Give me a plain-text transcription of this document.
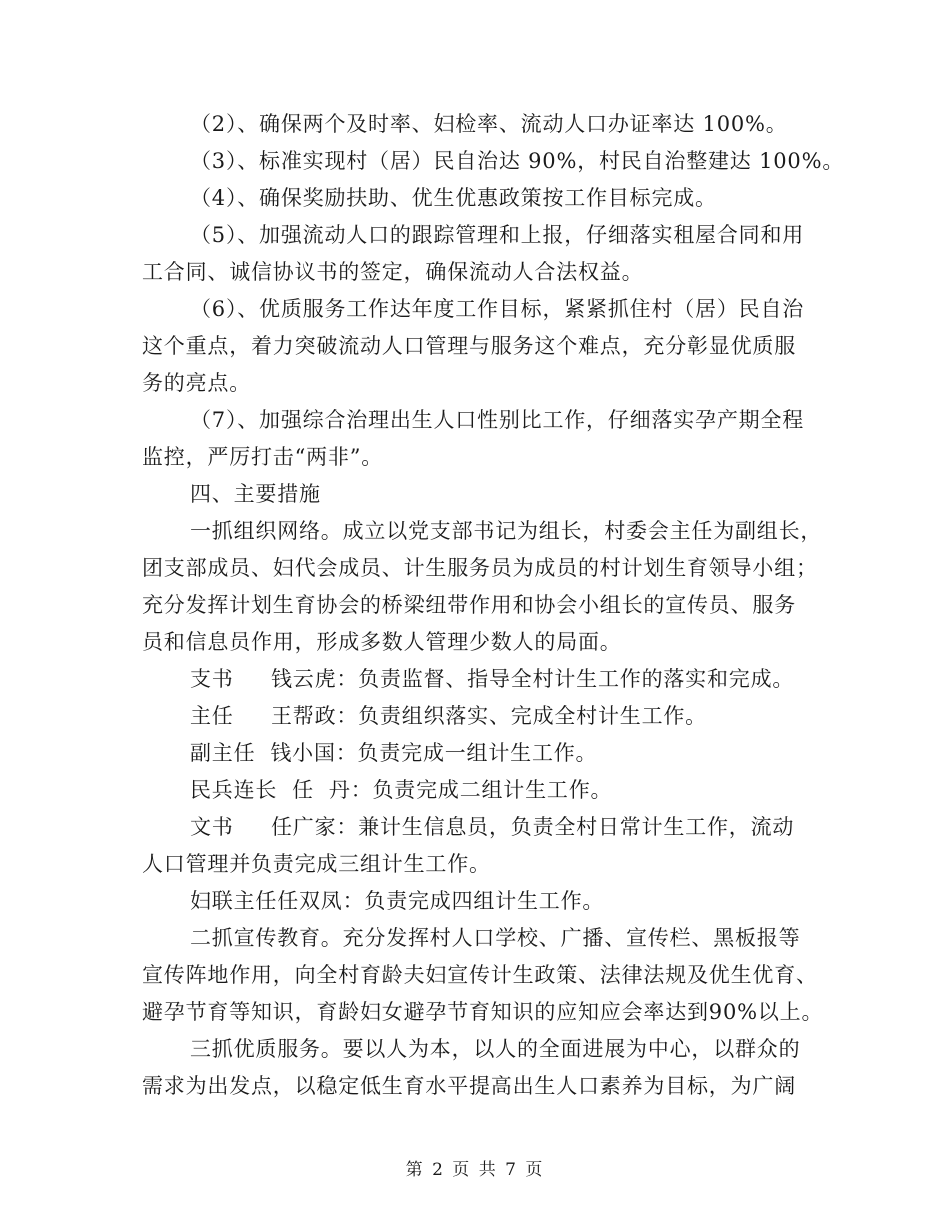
（2）、确保两个及时率、妇检率、流动人口办证率达 100%。
（3）、标准实现村（居）民自治达 90%，村民自治整建达 100%。
（4）、确保奖励扶助、优生优惠政策按工作目标完成。
（5）、加强流动人口的跟踪管理和上报，仔细落实租屋合同和用
工合同、诚信协议书的签定，确保流动人合法权益。
（6）、优质服务工作达年度工作目标，紧紧抓住村（居）民自治
这个重点，着力突破流动人口管理与服务这个难点，充分彰显优质服
务的亮点。
（7）、加强综合治理出生人口性别比工作，仔细落实孕产期全程
监控，严厉打击“两非”。
四、主要措施
一抓组织网络。成立以党支部书记为组长，村委会主任为副组长，
团支部成员、妇代会成员、计生服务员为成员的村计划生育领导小组；
充分发挥计划生育协会的桥梁纽带作用和协会小组长的宣传员、服务
员和信息员作用，形成多数人管理少数人的局面。
支书     钱云虎：负责监督、指导全村计生工作的落实和完成。
主任     王帮政：负责组织落实、完成全村计生工作。
副主任  钱小国：负责完成一组计生工作。
民兵连长  任  丹：负责完成二组计生工作。
文书     任广家：兼计生信息员，负责全村日常计生工作，流动
人口管理并负责完成三组计生工作。
妇联主任任双凤：负责完成四组计生工作。
二抓宣传教育。充分发挥村人口学校、广播、宣传栏、黑板报等
宣传阵地作用，向全村育龄夫妇宣传计生政策、法律法规及优生优育、
避孕节育等知识，育龄妇女避孕节育知识的应知应会率达到90%以上。
三抓优质服务。要以人为本，以人的全面进展为中心，以群众的
需求为出发点，以稳定低生育水平提高出生人口素养为目标，为广阔
第 2 页 共 7 页
